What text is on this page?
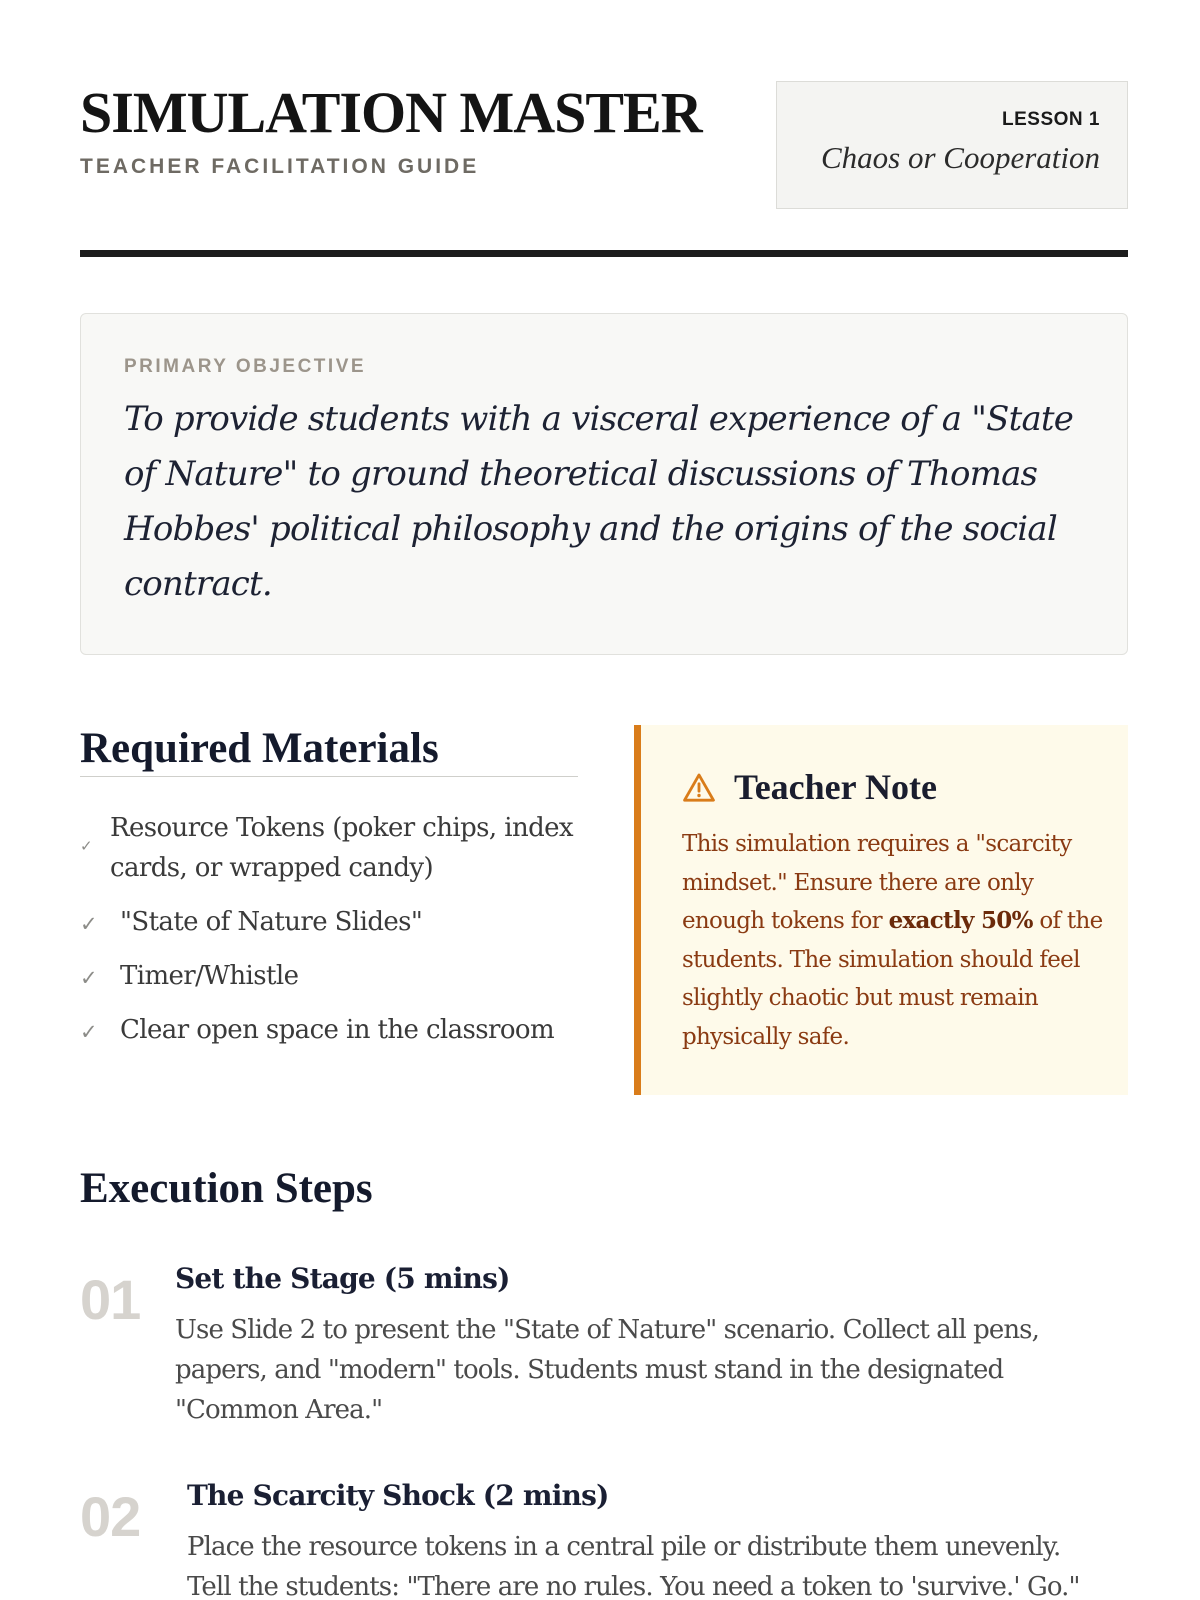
SIMULATION MASTER
TEACHER FACILITATION GUIDE
LESSON 1
Chaos or Cooperation
PRIMARY OBJECTIVE
To provide students with a visceral experience of a "State of Nature" to ground theoretical discussions of Thomas Hobbes' political philosophy and the origins of the social contract.
Required Materials
✓
Resource Tokens (poker chips, index cards, or wrapped candy)
✓ "State of Nature Slides"
✓ Timer/Whistle
✓ Clear open space in the classroom
Teacher Note
This simulation requires a "scarcity mindset." Ensure there are only enough tokens for exactly 50% of the students. The simulation should feel slightly chaotic but must remain physically safe.
Execution Steps
01 Set the Stage (5 mins)
Use Slide 2 to present the "State of Nature" scenario. Collect all pens, papers, and "modern" tools. Students must stand in the designated "Common Area."
02 The Scarcity Shock (2 mins)
Place the resource tokens in a central pile or distribute them unevenly. Tell the students: "There are no rules. You need a token to 'survive.' Go."
